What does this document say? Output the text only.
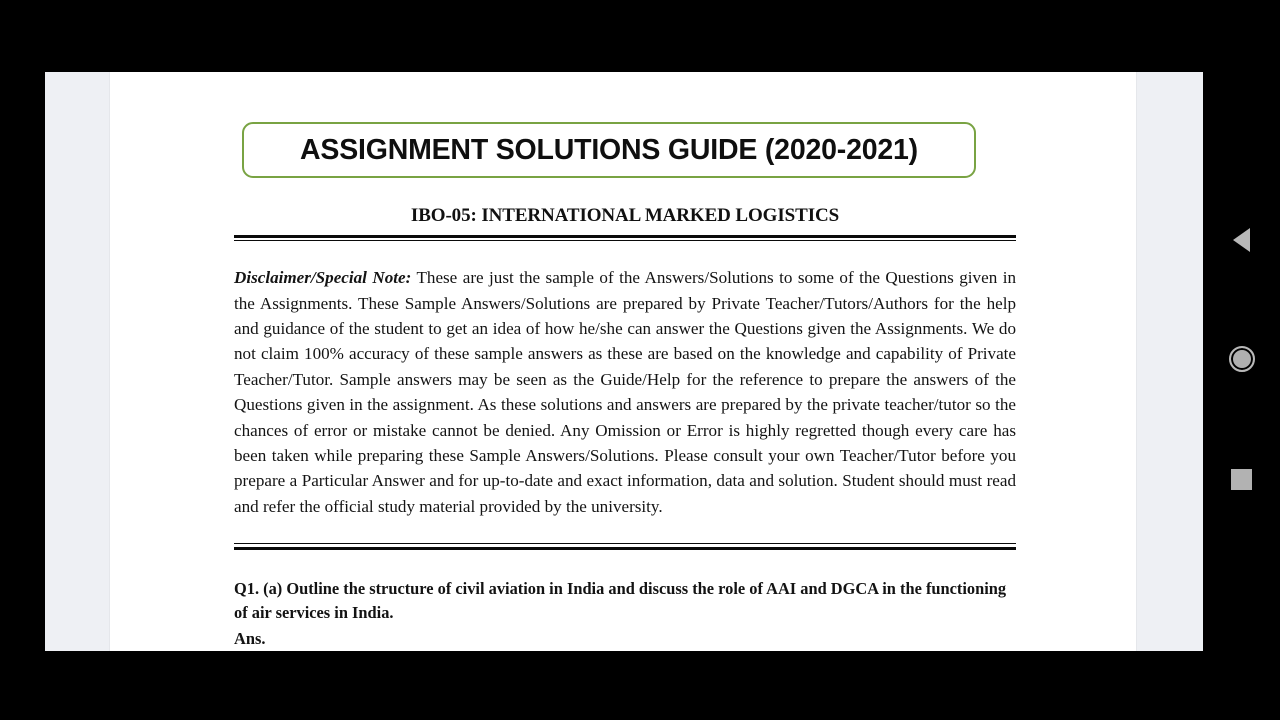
ASSIGNMENT SOLUTIONS GUIDE (2020-2021)
IBO-05: INTERNATIONAL MARKED LOGISTICS

Disclaimer/Special Note: These are just the sample of the Answers/Solutions to some of the Questions given in the Assignments. These Sample Answers/Solutions are prepared by Private Teacher/Tutors/Authors for the help and guidance of the student to get an idea of how he/she can answer the Questions given the Assignments. We do not claim 100% accuracy of these sample answers as these are based on the knowledge and capability of Private Teacher/Tutor. Sample answers may be seen as the Guide/Help for the reference to prepare the answers of the Questions given in the assignment. As these solutions and answers are prepared by the private teacher/tutor so the chances of error or mistake cannot be denied. Any Omission or Error is highly regretted though every care has been taken while preparing these Sample Answers/Solutions. Please consult your own Teacher/Tutor before you prepare a Particular Answer and for up-to-date and exact information, data and solution. Student should must read and refer the official study material provided by the university.

Q1. (a) Outline the structure of civil aviation in India and discuss the role of AAI and DGCA in the functioning of air services in India.
Ans.
